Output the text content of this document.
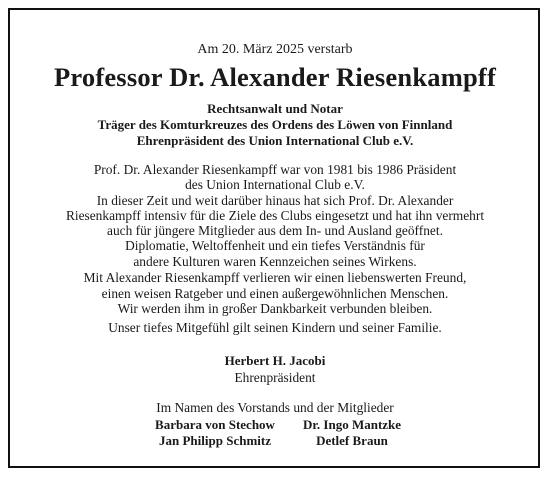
Am 20. März 2025 verstarb
Professor Dr. Alexander Riesenkampff
Rechtsanwalt und Notar
Träger des Komturkreuzes des Ordens des Löwen von Finnland
Ehrenpräsident des Union International Club e.V.
Prof. Dr. Alexander Riesenkampff war von 1981 bis 1986 Präsident
des Union International Club e.V.
In dieser Zeit und weit darüber hinaus hat sich Prof. Dr. Alexander
Riesenkampff intensiv für die Ziele des Clubs eingesetzt und hat ihn vermehrt
auch für jüngere Mitglieder aus dem In- und Ausland geöffnet.
Diplomatie, Weltoffenheit und ein tiefes Verständnis für
andere Kulturen waren Kennzeichen seines Wirkens.
Mit Alexander Riesenkampff verlieren wir einen liebenswerten Freund,
einen weisen Ratgeber und einen außergewöhnlichen Menschen.
Wir werden ihm in großer Dankbarkeit verbunden bleiben.
Unser tiefes Mitgefühl gilt seinen Kindern und seiner Familie.
Herbert H. Jacobi
Ehrenpräsident
Im Namen des Vorstands und der Mitglieder
Barbara von Stechow	Dr. Ingo Mantzke
Jan Philipp Schmitz	Detlef Braun
